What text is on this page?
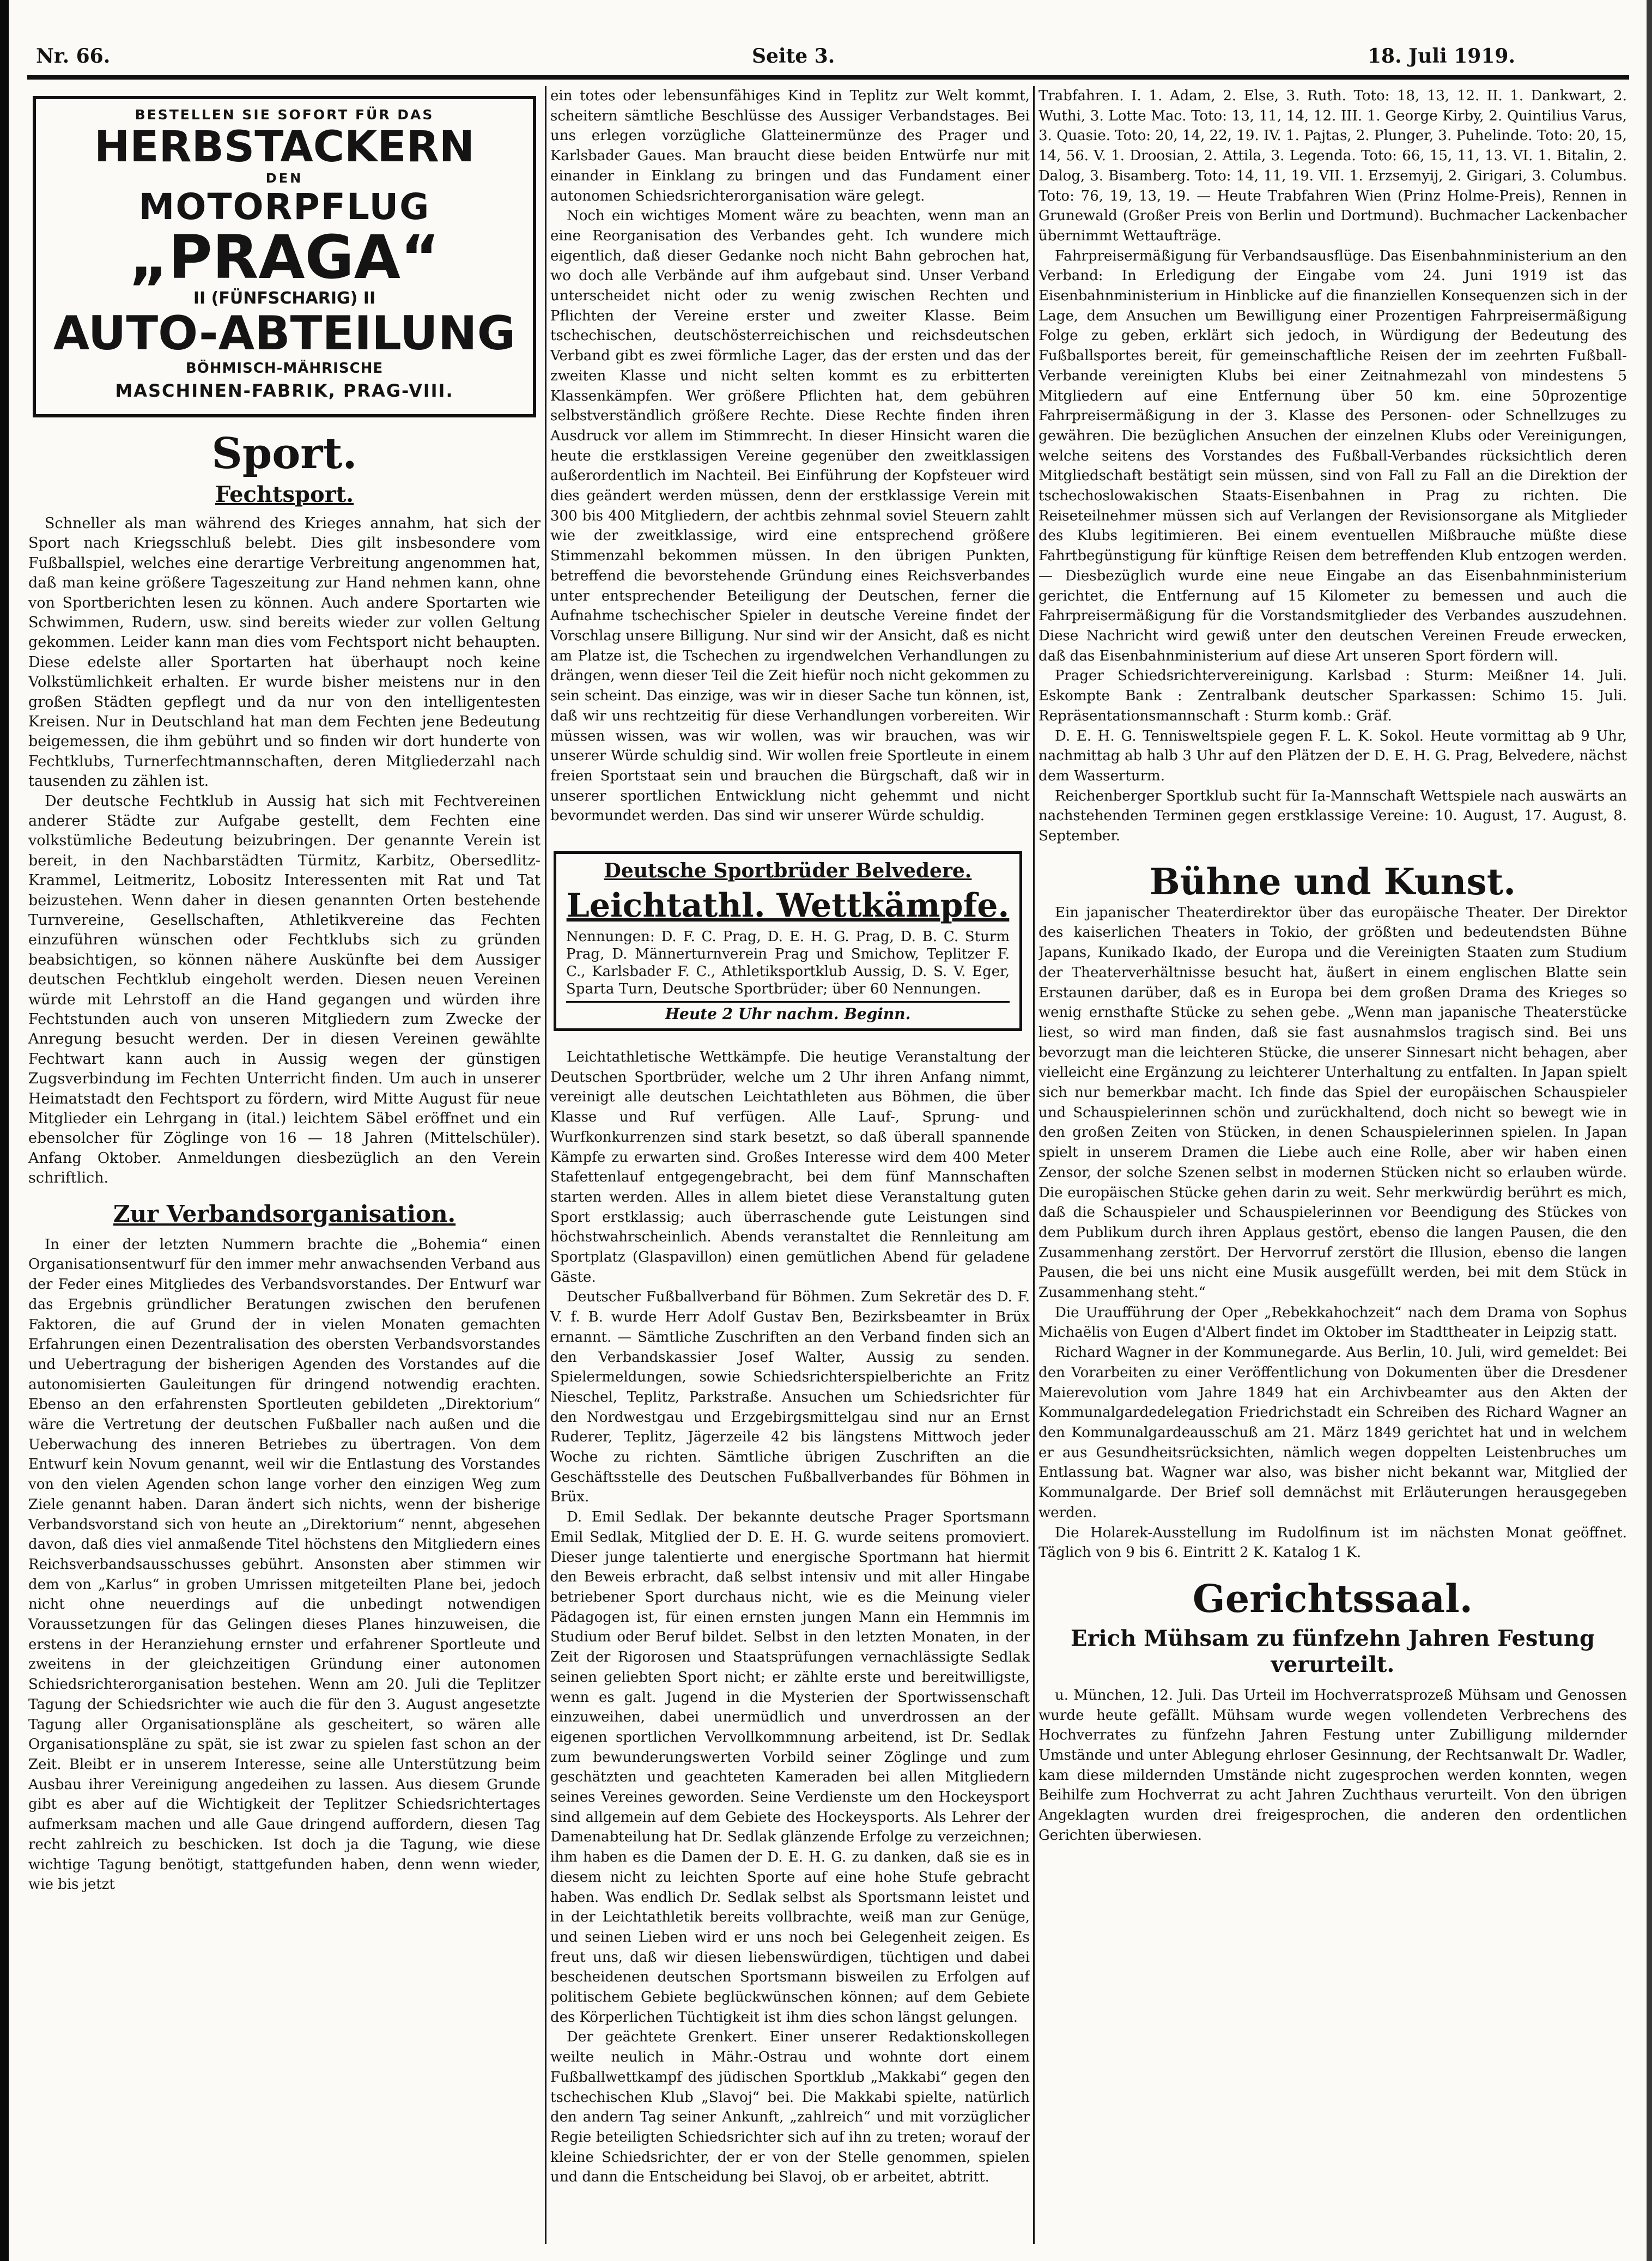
Nr. 66.	Seite 3.	18. Juli 1919.
BESTELLEN SIE SOFORT FÜR DAS
HERBSTACKERN
DEN
MOTORPFLUG
„PRAGA“
II (FÜNFSCHARIG) II
AUTO-ABTEILUNG
BÖHMISCH-MÄHRISCHE
MASCHINEN-FABRIK, PRAG-VIII.
Sport.
Fechtsport.

Schneller als man während des Krieges annahm, hat sich der Sport nach Kriegsschluß belebt. Dies gilt insbesondere vom Fußballspiel, welches eine derartige Verbreitung angenommen hat, daß man keine größere Tageszeitung zur Hand nehmen kann, ohne von Sportberichten lesen zu können. Auch andere Sportarten wie Schwimmen, Rudern, usw. sind bereits wieder zur vollen Geltung gekommen. Leider kann man dies vom Fechtsport nicht behaupten. Diese edelste aller Sportarten hat überhaupt noch keine Volkstümlichkeit erhalten. Er wurde bisher meistens nur in den großen Städten gepflegt und da nur von den intelligentesten Kreisen. Nur in Deutschland hat man dem Fechten jene Bedeutung beigemessen, die ihm gebührt und so finden wir dort hunderte von Fechtklubs, Turnerfechtmannschaften, deren Mitgliederzahl nach tausenden zu zählen ist.

Der deutsche Fechtklub in Aussig hat sich mit Fechtvereinen anderer Städte zur Aufgabe gestellt, dem Fechten eine volkstümliche Bedeutung beizubringen. Der genannte Verein ist bereit, in den Nachbarstädten Türmitz, Karbitz, Obersedlitz-Krammel, Leitmeritz, Lobositz Interessenten mit Rat und Tat beizustehen. Wenn daher in diesen genannten Orten bestehende Turnvereine, Gesellschaften, Athletikvereine das Fechten einzuführen wünschen oder Fechtklubs sich zu gründen beabsichtigen, so können nähere Auskünfte bei dem Aussiger deutschen Fechtklub eingeholt werden. Diesen neuen Vereinen würde mit Lehrstoff an die Hand gegangen und würden ihre Fechtstunden auch von unseren Mitgliedern zum Zwecke der Anregung besucht werden. Der in diesen Vereinen gewählte Fechtwart kann auch in Aussig wegen der günstigen Zugsverbindung im Fechten Unterricht finden. Um auch in unserer Heimatstadt den Fechtsport zu fördern, wird Mitte August für neue Mitglieder ein Lehrgang in (ital.) leichtem Säbel eröffnet und ein ebensolcher für Zöglinge von 16 — 18 Jahren (Mittelschüler). Anfang Oktober. Anmeldungen diesbezüglich an den Verein schriftlich.

Zur Verbandsorganisation.

In einer der letzten Nummern brachte die „Bohemia“ einen Organisationsentwurf für den immer mehr anwachsenden Verband aus der Feder eines Mitgliedes des Verbandsvorstandes. Der Entwurf war das Ergebnis gründlicher Beratungen zwischen den berufenen Faktoren, die auf Grund der in vielen Monaten gemachten Erfahrungen einen Dezentralisation des obersten Verbandsvorstandes und Uebertragung der bisherigen Agenden des Vorstandes auf die autonomisierten Gauleitungen für dringend notwendig erachten. Ebenso an den erfahrensten Sportleuten gebildeten „Direktorium“ wäre die Vertretung der deutschen Fußballer nach außen und die Ueberwachung des inneren Betriebes zu übertragen. Von dem Entwurf kein Novum genannt, weil wir die Entlastung des Vorstandes von den vielen Agenden schon lange vorher den einzigen Weg zum Ziele genannt haben. Daran ändert sich nichts, wenn der bisherige Verbandsvorstand sich von heute an „Direktorium“ nennt, abgesehen davon, daß dies viel anmaßende Titel höchstens den Mitgliedern eines Reichsverbandsausschusses gebührt. Ansonsten aber stimmen wir dem von „Karlus“ in groben Umrissen mitgeteilten Plane bei, jedoch nicht ohne neuerdings auf die unbedingt notwendigen Voraussetzungen für das Gelingen dieses Planes hinzuweisen, die erstens in der Heranziehung ernster und erfahrener Sportleute und zweitens in der gleichzeitigen Gründung einer autonomen Schiedsrichterorganisation bestehen. Wenn am 20. Juli die Teplitzer Tagung der Schiedsrichter wie auch die für den 3. August angesetzte Tagung aller Organisationspläne als gescheitert, so wären alle Organisationspläne zu spät, sie ist zwar zu spielen fast schon an der Zeit. Bleibt er in unserem Interesse, seine alle Unterstützung beim Ausbau ihrer Vereinigung angedeihen zu lassen. Aus diesem Grunde gibt es aber auf die Wichtigkeit der Teplitzer Schiedsrichtertages aufmerksam machen und alle Gaue dringend auffordern, diesen Tag recht zahlreich zu beschicken. Ist doch ja die Tagung, wie diese wichtige Tagung benötigt, stattgefunden haben, denn wenn wieder, wie bis jetzt

ein totes oder lebensunfähiges Kind in Teplitz zur Welt kommt, scheitern sämtliche Beschlüsse des Aussiger Verbandstages. Bei uns erlegen vorzügliche Glatteinermünze des Prager und Karlsbader Gaues. Man braucht diese beiden Entwürfe nur mit einander in Einklang zu bringen und das Fundament einer autonomen Schiedsrichterorganisation wäre gelegt.

Noch ein wichtiges Moment wäre zu beachten, wenn man an eine Reorganisation des Verbandes geht. Ich wundere mich eigentlich, daß dieser Gedanke noch nicht Bahn gebrochen hat, wo doch alle Verbände auf ihm aufgebaut sind. Unser Verband unterscheidet nicht oder zu wenig zwischen Rechten und Pflichten der Vereine erster und zweiter Klasse. Beim tschechischen, deutschösterreichischen und reichsdeutschen Verband gibt es zwei förmliche Lager, das der ersten und das der zweiten Klasse und nicht selten kommt es zu erbitterten Klassenkämpfen. Wer größere Pflichten hat, dem gebühren selbstverständlich größere Rechte. Diese Rechte finden ihren Ausdruck vor allem im Stimmrecht. In dieser Hinsicht waren die heute die erstklassigen Vereine gegenüber den zweitklassigen außerordentlich im Nachteil. Bei Einführung der Kopfsteuer wird dies geändert werden müssen, denn der erstklassige Verein mit 300 bis 400 Mitgliedern, der achtbis zehnmal soviel Steuern zahlt wie der zweitklassige, wird eine entsprechend größere Stimmenzahl bekommen müssen. In den übrigen Punkten, betreffend die bevorstehende Gründung eines Reichsverbandes unter entsprechender Beteiligung der Deutschen, ferner die Aufnahme tschechischer Spieler in deutsche Vereine findet der Vorschlag unsere Billigung. Nur sind wir der Ansicht, daß es nicht am Platze ist, die Tschechen zu irgendwelchen Verhandlungen zu drängen, wenn dieser Teil die Zeit hiefür noch nicht gekommen zu sein scheint. Das einzige, was wir in dieser Sache tun können, ist, daß wir uns rechtzeitig für diese Verhandlungen vorbereiten. Wir müssen wissen, was wir wollen, was wir brauchen, was wir unserer Würde schuldig sind. Wir wollen freie Sportleute in einem freien Sportstaat sein und brauchen die Bürgschaft, daß wir in unserer sportlichen Entwicklung nicht gehemmt und nicht bevormundet werden. Das sind wir unserer Würde schuldig.

Deutsche Sportbrüder Belvedere.
Leichtathl. Wettkämpfe.
Nennungen: D. F. C. Prag, D. E. H. G. Prag, D. B. C. Sturm Prag, D. Männerturnverein Prag und Smichow, Teplitzer F. C., Karlsbader F. C., Athletiksportklub Aussig, D. S. V. Eger, Sparta Turn, Deutsche Sportbrüder; über 60 Nennungen.
Heute 2 Uhr nachm. Beginn.

Leichtathletische Wettkämpfe. Die heutige Veranstaltung der Deutschen Sportbrüder, welche um 2 Uhr ihren Anfang nimmt, vereinigt alle deutschen Leichtathleten aus Böhmen, die über Klasse und Ruf verfügen. Alle Lauf-, Sprung- und Wurfkonkurrenzen sind stark besetzt, so daß überall spannende Kämpfe zu erwarten sind. Großes Interesse wird dem 400 Meter Stafettenlauf entgegengebracht, bei dem fünf Mannschaften starten werden. Alles in allem bietet diese Veranstaltung guten Sport erstklassig; auch überraschende gute Leistungen sind höchstwahrscheinlich. Abends veranstaltet die Rennleitung am Sportplatz (Glaspavillon) einen gemütlichen Abend für geladene Gäste.

Deutscher Fußballverband für Böhmen. Zum Sekretär des D. F. V. f. B. wurde Herr Adolf Gustav Ben, Bezirksbeamter in Brüx ernannt. — Sämtliche Zuschriften an den Verband finden sich an den Verbandskassier Josef Walter, Aussig zu senden. Spielermeldungen, sowie Schiedsrichterspielberichte an Fritz Nieschel, Teplitz, Parkstraße. Ansuchen um Schiedsrichter für den Nordwestgau und Erzgebirgsmittelgau sind nur an Ernst Ruderer, Teplitz, Jägerzeile 42 bis längstens Mittwoch jeder Woche zu richten. Sämtliche übrigen Zuschriften an die Geschäftsstelle des Deutschen Fußballverbandes für Böhmen in Brüx.

D. Emil Sedlak. Der bekannte deutsche Prager Sportsmann Emil Sedlak, Mitglied der D. E. H. G. wurde seitens promoviert. Dieser junge talentierte und energische Sportmann hat hiermit den Beweis erbracht, daß selbst intensiv und mit aller Hingabe betriebener Sport durchaus nicht, wie es die Meinung vieler Pädagogen ist, für einen ernsten jungen Mann ein Hemmnis im Studium oder Beruf bildet. Selbst in den letzten Monaten, in der Zeit der Rigorosen und Staatsprüfungen vernachlässigte Sedlak seinen geliebten Sport nicht; er zählte erste und bereitwilligste, wenn es galt. Jugend in die Mysterien der Sportwissenschaft einzuweihen, dabei unermüdlich und unverdrossen an der eigenen sportlichen Vervollkommnung arbeitend, ist Dr. Sedlak zum bewunderungswerten Vorbild seiner Zöglinge und zum geschätzten und geachteten Kameraden bei allen Mitgliedern seines Vereines geworden. Seine Verdienste um den Hockeysport sind allgemein auf dem Gebiete des Hockeysports. Als Lehrer der Damenabteilung hat Dr. Sedlak glänzende Erfolge zu verzeichnen; ihm haben es die Damen der D. E. H. G. zu danken, daß sie es in diesem nicht zu leichten Sporte auf eine hohe Stufe gebracht haben. Was endlich Dr. Sedlak selbst als Sportsmann leistet und in der Leichtathletik bereits vollbrachte, weiß man zur Genüge, und seinen Lieben wird er uns noch bei Gelegenheit zeigen. Es freut uns, daß wir diesen liebenswürdigen, tüchtigen und dabei bescheidenen deutschen Sportsmann bisweilen zu Erfolgen auf politischem Gebiete beglückwünschen können; auf dem Gebiete des Körperlichen Tüchtigkeit ist ihm dies schon längst gelungen.

Der geächtete Grenkert. Einer unserer Redaktionskollegen weilte neulich in Mähr.-Ostrau und wohnte dort einem Fußballwettkampf des jüdischen Sportklub „Makkabi“ gegen den tschechischen Klub „Slavoj“ bei. Die Makkabi spielte, natürlich den andern Tag seiner Ankunft, „zahlreich“ und mit vorzüglicher Regie beteiligten Schiedsrichter sich auf ihn zu treten; worauf der kleine Schiedsrichter, der er von der Stelle genommen, spielen und dann die Entscheidung bei Slavoj, ob er arbeitet, abtritt.

Trabfahren. I. 1. Adam, 2. Else, 3. Ruth. Toto: 18, 13, 12. II. 1. Dankwart, 2. Wuthi, 3. Lotte Mac. Toto: 13, 11, 14, 12. III. 1. George Kirby, 2. Quintilius Varus, 3. Quasie. Toto: 20, 14, 22, 19. IV. 1. Pajtas, 2. Plunger, 3. Puhelinde. Toto: 20, 15, 14, 56. V. 1. Droosian, 2. Attila, 3. Legenda. Toto: 66, 15, 11, 13. VI. 1. Bitalin, 2. Dalog, 3. Bisamberg. Toto: 14, 11, 19. VII. 1. Erzsemyij, 2. Girigari, 3. Columbus. Toto: 76, 19, 13, 19. — Heute Trabfahren Wien (Prinz Holme-Preis), Rennen in Grunewald (Großer Preis von Berlin und Dortmund). Buchmacher Lackenbacher übernimmt Wettaufträge.

Fahrpreisermäßigung für Verbandsausflüge. Das Eisenbahnministerium an den Verband: In Erledigung der Eingabe vom 24. Juni 1919 ist das Eisenbahnministerium in Hinblicke auf die finanziellen Konsequenzen sich in der Lage, dem Ansuchen um Bewilligung einer Prozentigen Fahrpreisermäßigung Folge zu geben, erklärt sich jedoch, in Würdigung der Bedeutung des Fußballsportes bereit, für gemeinschaftliche Reisen der im zeehrten Fußball-Verbande vereinigten Klubs bei einer Zeitnahmezahl von mindestens 5 Mitgliedern auf eine Entfernung über 50 km. eine 50prozentige Fahrpreisermäßigung in der 3. Klasse des Personen- oder Schnellzuges zu gewähren. Die bezüglichen Ansuchen der einzelnen Klubs oder Vereinigungen, welche seitens des Vorstandes des Fußball-Verbandes rücksichtlich deren Mitgliedschaft bestätigt sein müssen, sind von Fall zu Fall an die Direktion der tschechoslowakischen Staats-Eisenbahnen in Prag zu richten. Die Reiseteilnehmer müssen sich auf Verlangen der Revisionsorgane als Mitglieder des Klubs legitimieren. Bei einem eventuellen Mißbrauche müßte diese Fahrtbegünstigung für künftige Reisen dem betreffenden Klub entzogen werden. — Diesbezüglich wurde eine neue Eingabe an das Eisenbahnministerium gerichtet, die Entfernung auf 15 Kilometer zu bemessen und auch die Fahrpreisermäßigung für die Vorstandsmitglieder des Verbandes auszudehnen. Diese Nachricht wird gewiß unter den deutschen Vereinen Freude erwecken, daß das Eisenbahnministerium auf diese Art unseren Sport fördern will.

Prager Schiedsrichtervereinigung. Karlsbad : Sturm: Meißner 14. Juli. Eskompte Bank : Zentralbank deutscher Sparkassen: Schimo 15. Juli. Repräsentationsmannschaft : Sturm komb.: Gräf.

D. E. H. G. Tennisweltspiele gegen F. L. K. Sokol. Heute vormittag ab 9 Uhr, nachmittag ab halb 3 Uhr auf den Plätzen der D. E. H. G. Prag, Belvedere, nächst dem Wasserturm.

Reichenberger Sportklub sucht für Ia-Mannschaft Wettspiele nach auswärts an nachstehenden Terminen gegen erstklassige Vereine: 10. August, 17. August, 8. September.

Bühne und Kunst.

Ein japanischer Theaterdirektor über das europäische Theater. Der Direktor des kaiserlichen Theaters in Tokio, der größten und bedeutendsten Bühne Japans, Kunikado Ikado, der Europa und die Vereinigten Staaten zum Studium der Theaterverhältnisse besucht hat, äußert in einem englischen Blatte sein Erstaunen darüber, daß es in Europa bei dem großen Drama des Krieges so wenig ernsthafte Stücke zu sehen gebe. „Wenn man japanische Theaterstücke liest, so wird man finden, daß sie fast ausnahmslos tragisch sind. Bei uns bevorzugt man die leichteren Stücke, die unserer Sinnesart nicht behagen, aber vielleicht eine Ergänzung zu leichterer Unterhaltung zu entfalten. In Japan spielt sich nur bemerkbar macht. Ich finde das Spiel der europäischen Schauspieler und Schauspielerinnen schön und zurückhaltend, doch nicht so bewegt wie in den großen Zeiten von Stücken, in denen Schauspielerinnen spielen. In Japan spielt in unserem Dramen die Liebe auch eine Rolle, aber wir haben einen Zensor, der solche Szenen selbst in modernen Stücken nicht so erlauben würde. Die europäischen Stücke gehen darin zu weit. Sehr merkwürdig berührt es mich, daß die Schauspieler und Schauspielerinnen vor Beendigung des Stückes von dem Publikum durch ihren Applaus gestört, ebenso die langen Pausen, die den Zusammenhang zerstört. Der Hervorruf zerstört die Illusion, ebenso die langen Pausen, die bei uns nicht eine Musik ausgefüllt werden, bei mit dem Stück in Zusammenhang steht.“

Die Uraufführung der Oper „Rebekkahochzeit“ nach dem Drama von Sophus Michaëlis von Eugen d'Albert findet im Oktober im Stadttheater in Leipzig statt.

Richard Wagner in der Kommunegarde. Aus Berlin, 10. Juli, wird gemeldet: Bei den Vorarbeiten zu einer Veröffentlichung von Dokumenten über die Dresdener Maierevolution vom Jahre 1849 hat ein Archivbeamter aus den Akten der Kommunalgardedelegation Friedrichstadt ein Schreiben des Richard Wagner an den Kommunalgardeausschuß am 21. März 1849 gerichtet hat und in welchem er aus Gesundheitsrücksichten, nämlich wegen doppelten Leistenbruches um Entlassung bat. Wagner war also, was bisher nicht bekannt war, Mitglied der Kommunalgarde. Der Brief soll demnächst mit Erläuterungen herausgegeben werden.

Die Holarek-Ausstellung im Rudolfinum ist im nächsten Monat geöffnet. Täglich von 9 bis 6. Eintritt 2 K. Katalog 1 K.

Gerichtssaal.
Erich Mühsam zu fünfzehn Jahren Festung verurteilt.

u. München, 12. Juli. Das Urteil im Hochverratsprozeß Mühsam und Genossen wurde heute gefällt. Mühsam wurde wegen vollendeten Verbrechens des Hochverrates zu fünfzehn Jahren Festung unter Zubilligung mildernder Umstände und unter Ablegung ehrloser Gesinnung, der Rechtsanwalt Dr. Wadler, kam diese mildernden Umstände nicht zugesprochen werden konnten, wegen Beihilfe zum Hochverrat zu acht Jahren Zuchthaus verurteilt. Von den übrigen Angeklagten wurden drei freigesprochen, die anderen den ordentlichen Gerichten überwiesen.
